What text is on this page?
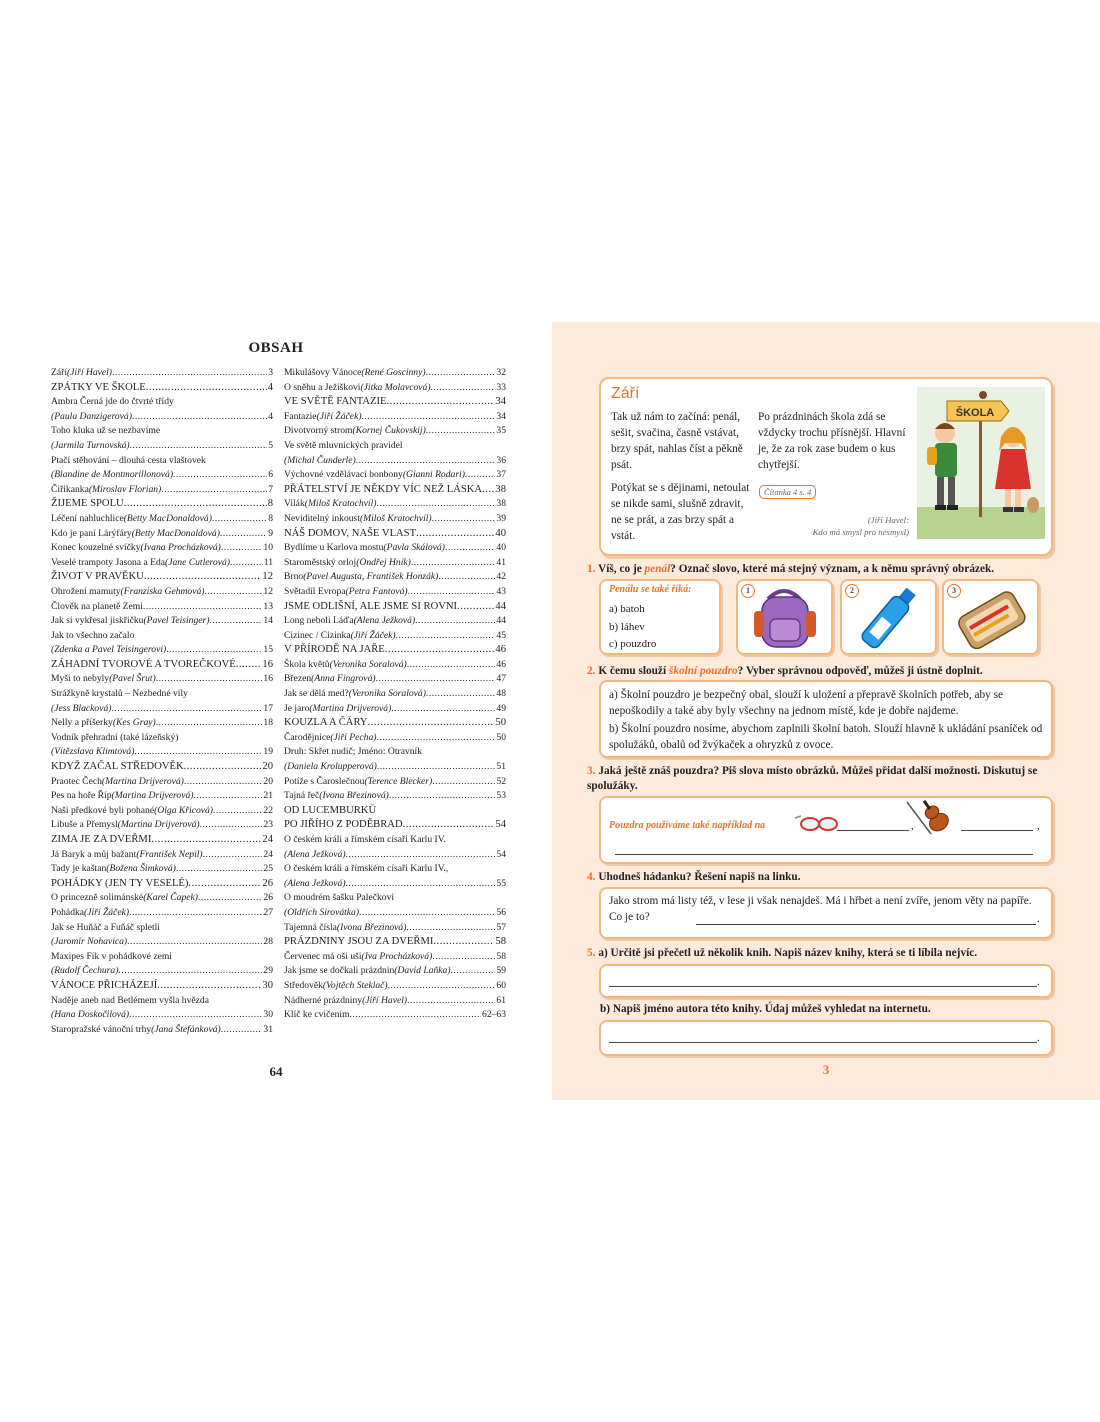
OBSAH
Září (Jiří Havel) .....	3
ZPÁTKY VE ŠKOLE .....	4
Ambra Černá jde do čtvrté třídy
(Paula Danzigerová) .....	4
Toho kluka už se nezbavíme
(Jarmila Turnovská) .....	5
Ptačí stěhování – dlouhá cesta vlaštovek
(Blandine de Montmorillonová) .....	6
Čiřikanka (Miroslav Florian) .....	7
ŽIJEME SPOLU .....	8
Léčení nahluchlice (Betty MacDonaldová) .....	8
Kdo je paní Lárýfáry (Betty MacDonaldová) .....	9
Konec kouzelné svíčky (Ivana Procházková) .....	10
Veselé trampoty Jasona a Eda (Jane Cutlerová) .....	11
ŽIVOT V PRAVĚKU .....	12
Ohrožení mamuty (Franziska Gehmová) .....	12
Člověk na planetě Zemi .....	13
Jak si vykřesal jiskřičku (Pavel Teisinger) .....	14
Jak to všechno začalo
(Zdenka a Pavel Teisingerovi) .....	15
ZÁHADNÍ TVOROVÉ A TVOREČKOVÉ .....	16
Myši to nebyly (Pavel Šrut) .....	16
Strážkyně krystalů – Nezbedné víly
(Jess Blacková) .....	17
Nelly a příšerky (Kes Gray) .....	18
Vodník přehradní (také lázeňský)
(Vítězslava Klimtová) .....	19
KDYŽ ZAČAL STŘEDOVĚK .....	20
Praotec Čech (Martina Drijverová) .....	20
Pes na hoře Říp (Martina Drijverová) .....	21
Naši předkové byli pohané (Olga Křicová) .....	22
Libuše a Přemysl (Martina Drijverová) .....	23
ZIMA JE ZA DVEŘMI .....	24
Já Baryk a můj bažant (František Nepil) .....	24
Tady je kaštan (Božena Šimková) .....	25
POHÁDKY (JEN TY VESELÉ) .....	26
O princezně solimánské (Karel Čapek) .....	26
Pohádka (Jiří Žáček) .....	27
Jak se Huňáč a Fuňáč spletli
(Jaromír Nohavica) .....	28
Maxipes Fík v pohádkové zemi
(Rudolf Čechura) .....	29
VÁNOCE PŘICHÁZEJÍ .....	30
Naděje aneb nad Betlémem vyšla hvězda
(Hana Doskočilová) .....	30
Staropražské vánoční trhy (Jana Štefánková) .....	31
Mikulášovy Vánoce (René Goscinny) .....	32
O sněhu a Ježíškovi (Jitka Molavcová) .....	33
VE SVĚTĚ FANTAZIE .....	34
Fantazie (Jiří Žáček) .....	34
Divotvorný strom (Kornej Čukovskij) .....	35
Ve světě mluvnických pravidel
(Michal Čunderle) .....	36
Výchovné vzdělávací bonbony (Gianni Rodari) .....	37
PŘÁTELSTVÍ JE NĚKDY VÍC NEŽ LÁSKA ..... 38
Vilák (Miloš Kratochvíl) .....	38
Neviditelný inkoust (Miloš Kratochvíl) .....	39
NÁŠ DOMOV, NAŠE VLAST .....	40
Bydlíme u Karlova mostu (Pavla Skálová) .....	40
Staroměstský orloj (Ondřej Hník) .....	41
Brno (Pavel Augusta, František Honzák) .....	42
Světadíl Evropa (Petra Fantová) .....	43
JSME ODLIŠNÍ, ALE JSME SI ROVNI .....	44
Long neboli Láďa (Alena Ježková) .....	44
Cizinec / Cizinka (Jiří Žáček) .....	45
V PŘÍRODĚ NA JAŘE .....	46
Škola květů (Veronika Soralová) .....	46
Březen (Anna Fingrová) .....	47
Jak se dělá med? (Veronika Soralová) .....	48
Je jaro (Martina Drijverová) .....	49
KOUZLA A ČÁRY .....	50
Čarodějnice (Jiří Pecha) .....	50
Druh: Skřet nudič; Jméno: Otravník
(Daniela Krolupperová) .....	51
Potíže s Čaroslečnou (Terence Blecker) .....	52
Tajná řeč (Ivona Březinová) .....	53
OD LUCEMBURKŮ
PO JIŘÍHO Z PODĚBRAD .....	54
O českém králi a římském císaři Karlu IV.
(Alena Ježková) .....	54
O českém králi a římském císaři Karlu IV.,
(Alena Ježková) .....	55
O moudrém šašku Palečkovi
(Oldřich Sirovátka) .....	56
Tajemná čísla (Ivona Březinová) .....	57
PRÁZDNINY JSOU ZA DVEŘMI .....	58
Červenec má oši uši (Iva Procházková) .....	58
Jak jsme se dočkali prázdnin (David Laňka) .....	59
Středověk (Vojtěch Steklač) .....	60
Nádherné prázdniny (Jiří Havel) .....	61
Klíč ke cvičením .....	62–63
64
Září
Tak už nám to začíná: penál, sešit, svačina, časně vstávat, brzy spát, nahlas číst a pěkně psát.
Potýkat se s dějinami, netoulat se nikde sami, slušně zdravit, ne se prát, a zas brzy spát a vstát.
Po prázdninách škola zdá se vždycky trochu přísnější. Hlavní je, že za rok zase budem o kus chytřejší.
Čítanka 4 s. 4
(Jiří Havel:
Kdo má smysl pro nesmysl)
ŠKOLA
1. Víš, co je penál? Označ slovo, které má stejný význam, a k němu správný obrázek.
Penálu se také říká:
a) batoh
b) láhev
c) pouzdro
1	2	3
2. K čemu slouží školní pouzdro? Vyber správnou odpověď, můžeš ji ústně doplnit.
a) Školní pouzdro je bezpečný obal, slouží k uložení a přepravě školních potřeb, aby se nepoškodily a také aby byly všechny na jednom místě, kde je dobře najdeme.
b) Školní pouzdro nosíme, abychom zaplnili školní batoh. Slouží hlavně k ukládání psaníček od spolužáků, obalů od žvýkaček a ohryzků z ovoce.
3. Jaká ještě znáš pouzdra? Piš slova místo obrázků. Můžeš přidat další možnosti. Diskutuj se spolužáky.
Pouzdra používáme také například na	,	,
4. Uhodneš hádanku? Řešení napiš na linku.
Jako strom má listy též, v lese ji však nenajdeš. Má i hřbet a není zvíře, jenom věty na papíře. Co je to?	.
5. a) Určitě jsi přečetl už několik knih. Napiš název knihy, která se ti líbila nejvíc.
.
b) Napiš jméno autora této knihy. Údaj můžeš vyhledat na internetu.
.
3
